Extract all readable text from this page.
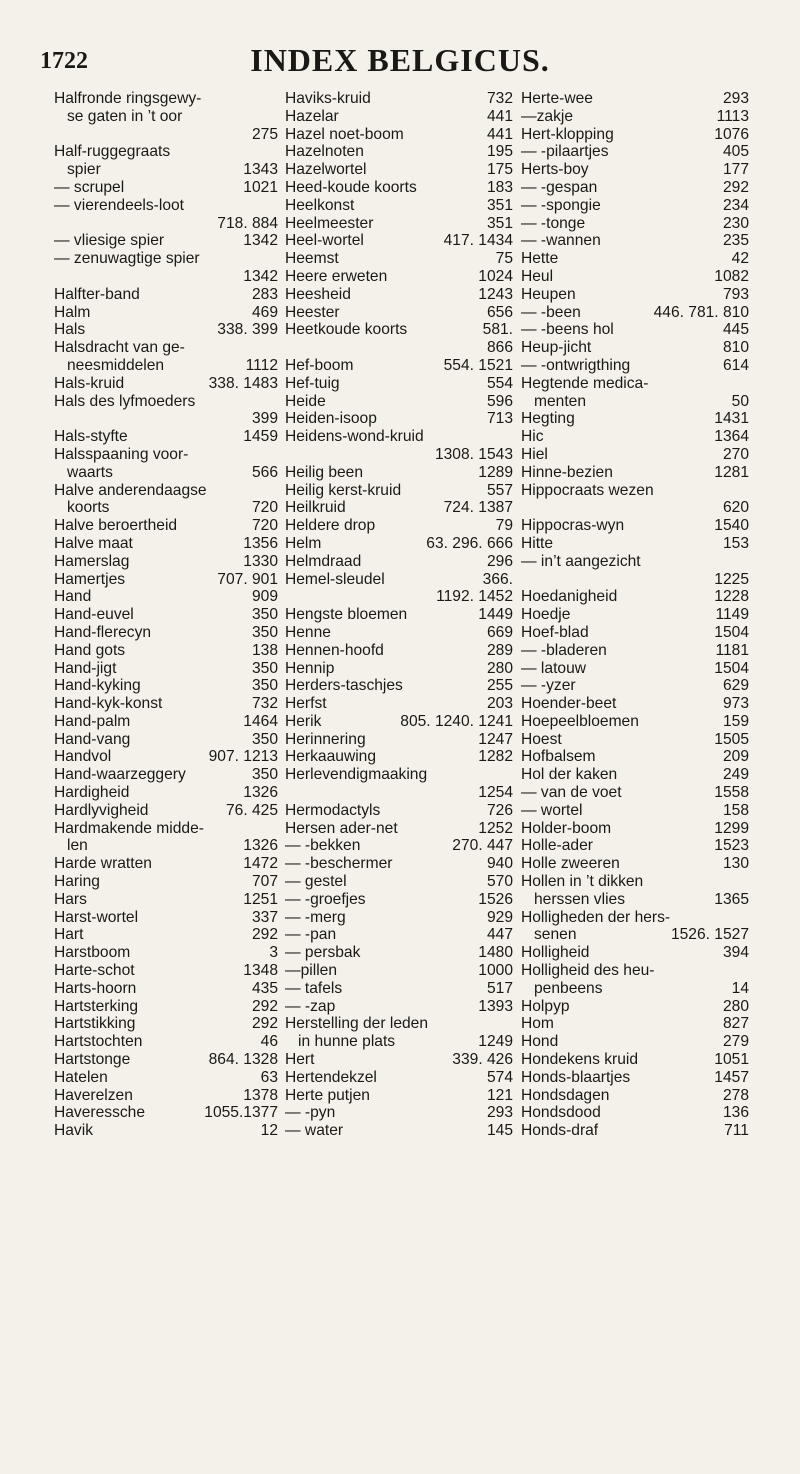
1722	INDEX BELGICUS.
Halfronde ringsgewy-
se gaten in ’t oor
275
Half-ruggegraats
spier	1343
— scrupel	1021
— vierendeels-loot
718. 884
— vliesige spier	1342
— zenuwagtige spier
1342
Halfter-band	283
Halm	469
Hals	338. 399
Halsdracht van ge-
neesmiddelen	1112
Hals-kruid	338. 1483
Hals des lyfmoeders
399
Hals-styfte	1459
Halsspaaning voor-
waarts	566
Halve anderendaagse
koorts	720
Halve beroertheid	720
Halve maat	1356
Hamerslag	1330
Hamertjes	707. 901
Hand	909
Hand-euvel	350
Hand-flerecyn	350
Hand gots	138
Hand-jigt	350
Hand-kyking	350
Hand-kyk-konst	732
Hand-palm	1464
Hand-vang	350
Handvol	907. 1213
Hand-waarzeggery	350
Hardigheid	1326
Hardlyvigheid	76. 425
Hardmakende midde-
len	1326
Harde wratten	1472
Haring	707
Hars	1251
Harst-wortel	337
Hart	292
Harstboom	3
Harte-schot	1348
Harts-hoorn	435
Hartsterking	292
Hartstikking	292
Hartstochten	46
Hartstonge	864. 1328
Hatelen	63
Haverelzen	1378
Haveressche	1055.1377
Havik	12
Haviks-kruid	732
Hazelar	441
Hazel noet-boom	441
Hazelnoten	195
Hazelwortel	175
Heed-koude koorts	183
Heelkonst	351
Heelmeester	351
Heel-wortel	417. 1434
Heemst	75
Heere erweten	1024
Heesheid	1243
Heester	656
Heetkoude koorts	581.
866
Hef-boom	554. 1521
Hef-tuig	554
Heide	596
Heiden-isoop	713
Heidens-wond-kruid
1308. 1543
Heilig been	1289
Heilig kerst-kruid	557
Heilkruid	724. 1387
Heldere drop	79
Helm	63. 296. 666
Helmdraad	296
Hemel-sleudel	366.
1192. 1452
Hengste bloemen	1449
Henne	669
Hennen-hoofd	289
Hennip	280
Herders-taschjes	255
Herfst	203
Herik	805. 1240. 1241
Herinnering	1247
Herkaauwing	1282
Herlevendigmaaking
1254
Hermodactyls	726
Hersen ader-net	1252
— -bekken	270. 447
— -beschermer	940
— gestel	570
— -groefjes	1526
— -merg	929
— -pan	447
— persbak	1480
—pillen	1000
— tafels	517
— -zap	1393
Herstelling der leden
in hunne plats	1249
Hert	339. 426
Hertendekzel	574
Herte putjen	121
— -pyn	293
— water	145
Herte-wee	293
—zakje	1113
Hert-klopping	1076
— -pilaartjes	405
Herts-boy	177
— -gespan	292
— -spongie	234
— -tonge	230
— -wannen	235
Hette	42
Heul	1082
Heupen	793
— -been	446. 781. 810
— -beens hol	445
Heup-jicht	810
— -ontwrigthing	614
Hegtende medica-
menten	50
Hegting	1431
Hic	1364
Hiel	270
Hinne-bezien	1281
Hippocraats wezen
620
Hippocras-wyn	1540
Hitte	153
— in’t aangezicht
1225
Hoedanigheid	1228
Hoedje	1149
Hoef-blad	1504
— -bladeren	1181
— latouw	1504
— -yzer	629
Hoender-beet	973
Hoepeelbloemen	159
Hoest	1505
Hofbalsem	209
Hol der kaken	249
— van de voet	1558
— wortel	158
Holder-boom	1299
Holle-ader	1523
Holle zweeren	130
Hollen in ’t dikken
herssen vlies	1365
Holligheden der hers-
senen	1526. 1527
Holligheid	394
Holligheid des heu-
penbeens	14
Holpyp	280
Hom	827
Hond	279
Hondekens kruid	1051
Honds-blaartjes	1457
Hondsdagen	278
Hondsdood	136
Honds-draf	711
